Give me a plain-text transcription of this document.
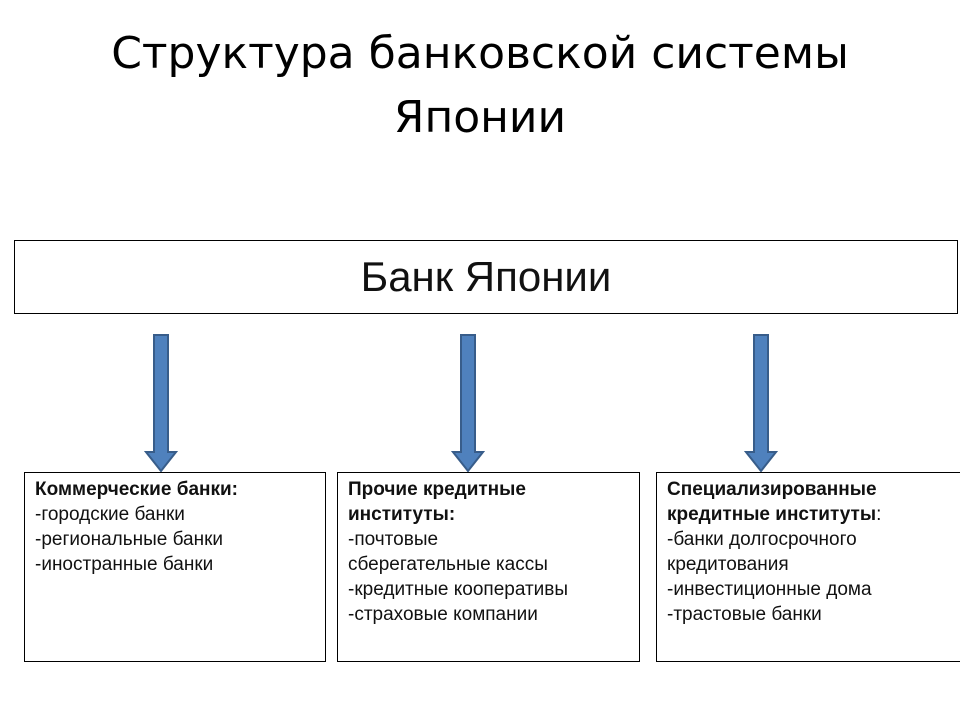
Структура банковской системы
Японии
Банк Японии
Коммерческие банки:
-городские банки
-региональные банки
-иностранные банки
Прочие кредитные
институты:
-почтовые
сберегательные кассы
-кредитные кооперативы
-страховые компании
Специализированные
кредитные институты:
-банки долгосрочного
кредитования
-инвестиционные дома
-трастовые банки
